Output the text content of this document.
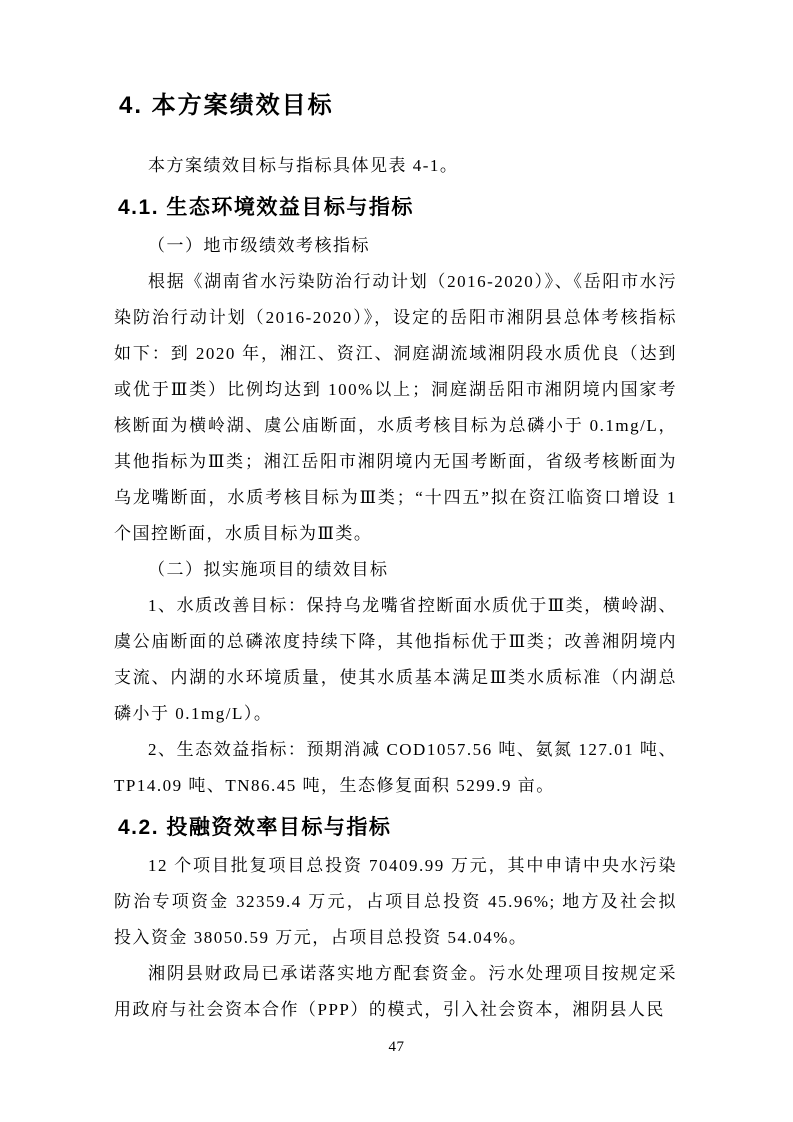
4. 本方案绩效目标

本方案绩效目标与指标具体见表 4-1。

4.1. 生态环境效益目标与指标

（一）地市级绩效考核指标

根据《湖南省水污染防治行动计划（2016-2020）》、《岳阳市水污染防治行动计划（2016-2020）》，设定的岳阳市湘阴县总体考核指标如下：到 2020 年，湘江、资江、洞庭湖流域湘阴段水质优良（达到或优于Ⅲ类）比例均达到 100%以上；洞庭湖岳阳市湘阴境内国家考核断面为横岭湖、虞公庙断面，水质考核目标为总磷小于 0.1mg/L，其他指标为Ⅲ类；湘江岳阳市湘阴境内无国考断面，省级考核断面为乌龙嘴断面，水质考核目标为Ⅲ类；“十四五”拟在资江临资口增设 1 个国控断面，水质目标为Ⅲ类。

（二）拟实施项目的绩效目标

1、水质改善目标：保持乌龙嘴省控断面水质优于Ⅲ类，横岭湖、虞公庙断面的总磷浓度持续下降，其他指标优于Ⅲ类；改善湘阴境内支流、内湖的水环境质量，使其水质基本满足Ⅲ类水质标准（内湖总磷小于 0.1mg/L）。

2、生态效益指标：预期消减 COD1057.56 吨、氨氮 127.01 吨、TP14.09 吨、TN86.45 吨，生态修复面积 5299.9 亩。

4.2. 投融资效率目标与指标

12 个项目批复项目总投资 70409.99 万元，其中申请中央水污染防治专项资金 32359.4 万元，占项目总投资 45.96%; 地方及社会拟投入资金 38050.59 万元，占项目总投资 54.04%。

湘阴县财政局已承诺落实地方配套资金。污水处理项目按规定采用政府与社会资本合作（PPP）的模式，引入社会资本，湘阴县人民

47
